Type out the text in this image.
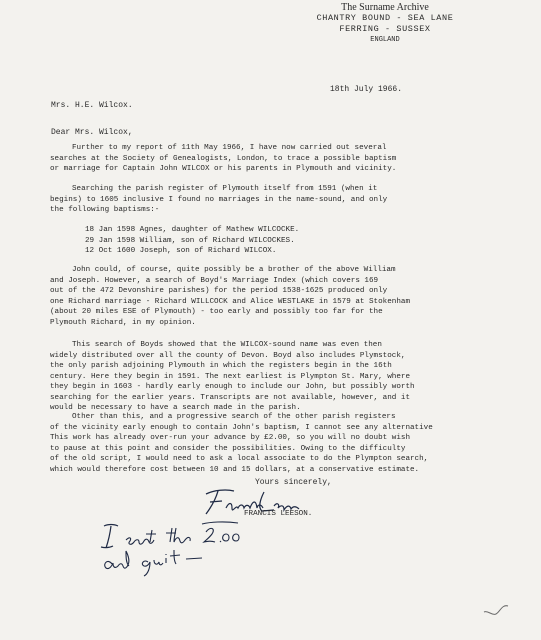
The Surname Archive
CHANTRY BOUND - SEA LANE
FERRING - SUSSEX
ENGLAND
18th July 1966.
Mrs. H.E. Wilcox.
Dear Mrs. Wilcox,
Further to my report of 11th May 1966, I have now carried out several
searches at the Society of Genealogists, London, to trace a possible baptism
or marriage for Captain John WILCOX or his parents in Plymouth and vicinity.
Searching the parish register of Plymouth itself from 1591 (when it
begins) to 1605 inclusive I found no marriages in the name-sound, and only
the following baptisms:-
18 Jan 1598 Agnes, daughter of Mathew WILCOCKE.
29 Jan 1598 William, son of Richard WILCOCKES.
12 Oct 1600 Joseph, son of Richard WILCOX.
John could, of course, quite possibly be a brother of the above William
and Joseph. However, a search of Boyd's Marriage Index (which covers 169
out of the 472 Devonshire parishes) for the period 1538-1625 produced only
one Richard marriage - Richard WILLCOCK and Alice WESTLAKE in 1579 at Stokenham
(about 20 miles ESE of Plymouth) - too early and possibly too far for the
Plymouth Richard, in my opinion.
This search of Boyds showed that the WILCOX-sound name was even then
widely distributed over all the county of Devon. Boyd also includes Plymstock,
the only parish adjoining Plymouth in which the registers begin in the 16th
century. Here they begin in 1591. The next earliest is Plympton St. Mary, where
they begin in 1603 - hardly early enough to include our John, but possibly worth
searching for the earlier years. Transcripts are not available, however, and it
would be necessary to have a search made in the parish.
Other than this, and a progressive search of the other parish registers
of the vicinity early enough to contain John's baptism, I cannot see any alternative
This work has already over-run your advance by £2.00, so you will no doubt wish
to pause at this point and consider the possibilities. Owing to the difficulty
of the old script, I would need to ask a local associate to do the Plympton search,
which would therefore cost between 10 and 15 dollars, at a conservative estimate.
Yours sincerely,
FRANCIS LEESON.
